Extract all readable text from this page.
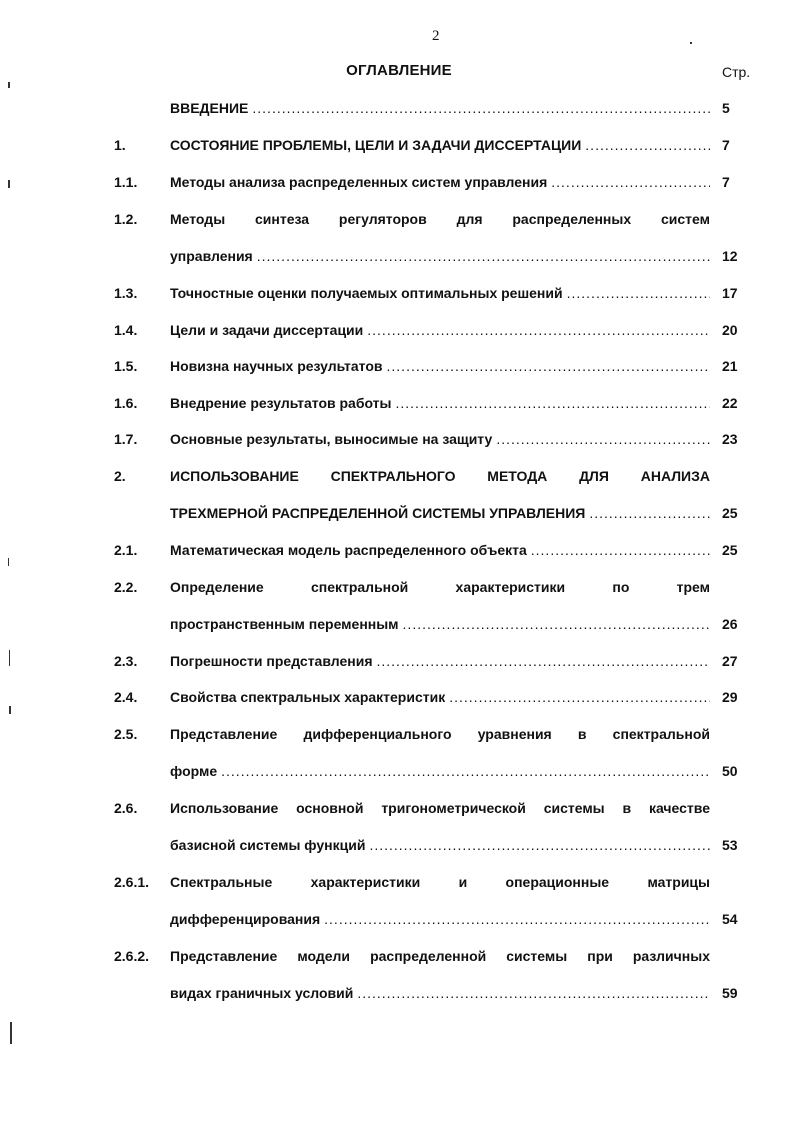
2
ОГЛАВЛЕНИЕ	Стр.
ВВЕДЕНИЕ .....	5
1.	СОСТОЯНИЕ ПРОБЛЕМЫ, ЦЕЛИ И ЗАДАЧИ ДИССЕРТАЦИИ .....	7
1.1. Методы анализа распределенных систем управления .....	7
1.2. Методы синтеза регуляторов для распределенных систем
управления .....	12
1.3. Точностные оценки получаемых оптимальных решений .....	17
1.4. Цели и задачи диссертации .....	20
1.5. Новизна научных результатов .....	21
1.6. Внедрение результатов работы .....	22
1.7. Основные результаты, выносимые на защиту .....	23
2.	ИСПОЛЬЗОВАНИЕ СПЕКТРАЛЬНОГО МЕТОДА ДЛЯ АНАЛИЗА
ТРЕХМЕРНОЙ РАСПРЕДЕЛЕННОЙ СИСТЕМЫ УПРАВЛЕНИЯ .....	25
2.1. Математическая модель распределенного объекта .....	25
2.2. Определение спектральной характеристики по трем
пространственным переменным .....	26
2.3. Погрешности представления .....	27
2.4. Свойства спектральных характеристик .....	29
2.5. Представление дифференциального уравнения в спектральной
форме .....	50
2.6. Использование основной тригонометрической системы в качестве
базисной системы функций .....	53
2.6.1. Спектральные характеристики и операционные матрицы
дифференцирования .....	54
2.6.2. Представление модели распределенной системы при различных
видах граничных условий .....	59
